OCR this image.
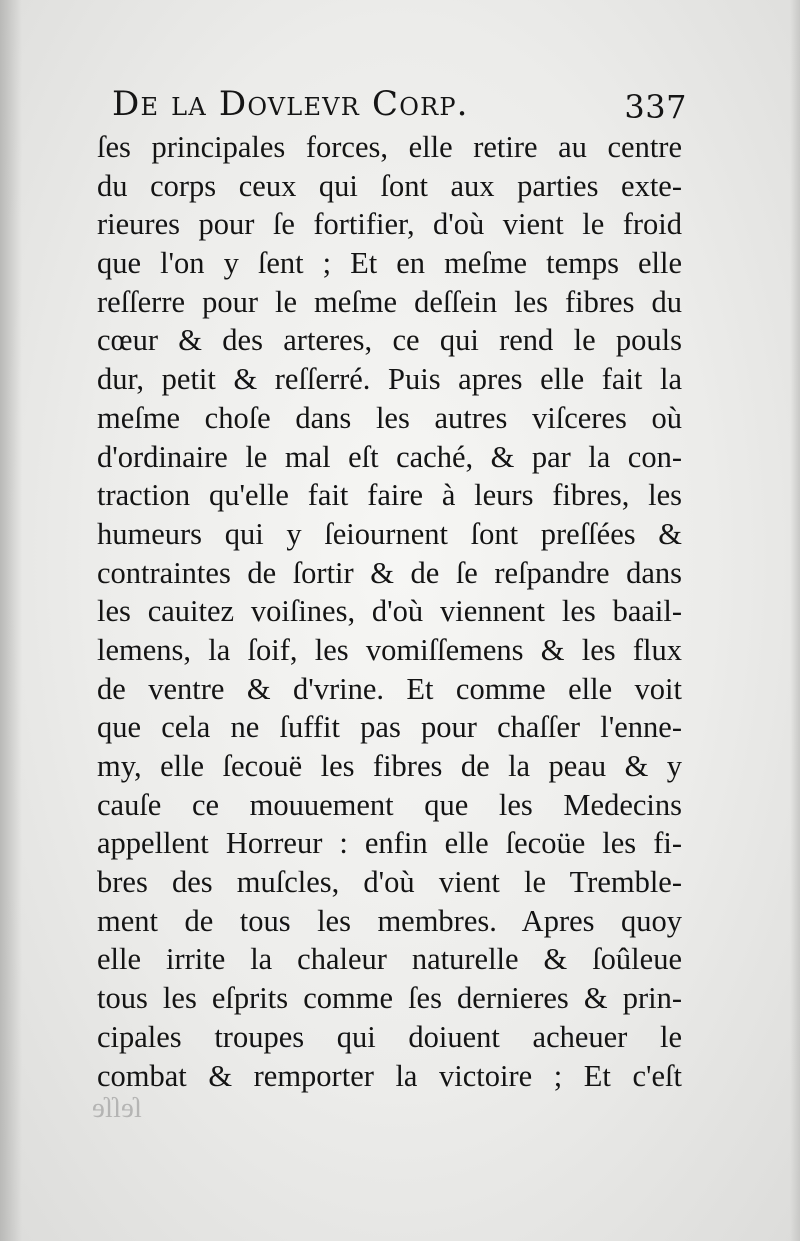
De la Dovlevr Corp.	337
ſes principales forces, elle retire au centre
du corps ceux qui ſont aux parties exte-
rieures pour ſe fortifier, d'où vient le froid
que l'on y ſent ; Et en meſme temps elle
reſſerre pour le meſme deſſein les fibres du
cœur & des arteres, ce qui rend le pouls
dur, petit & reſſerré. Puis apres elle fait la
meſme choſe dans les autres viſceres où
d'ordinaire le mal eſt caché, & par la con-
traction qu'elle fait faire à leurs fibres, les
humeurs qui y ſeiournent ſont preſſées &
contraintes de ſortir & de ſe reſpandre dans
les cauitez voiſines, d'où viennent les baail-
lemens, la ſoif, les vomiſſemens & les flux
de ventre & d'vrine. Et comme elle voit
que cela ne ſuffit pas pour chaſſer l'enne-
my, elle ſecouë les fibres de la peau & y
cauſe ce mouuement que les Medecins
appellent Horreur : enfin elle ſecoüe les fi-
bres des muſcles, d'où vient le Tremble-
ment de tous les membres. Apres quoy
elle irrite la chaleur naturelle & ſoûleue
tous les eſprits comme ſes dernieres & prin-
cipales troupes qui doiuent acheuer le
combat & remporter la victoire ; Et c'eſt
ſeſſe
